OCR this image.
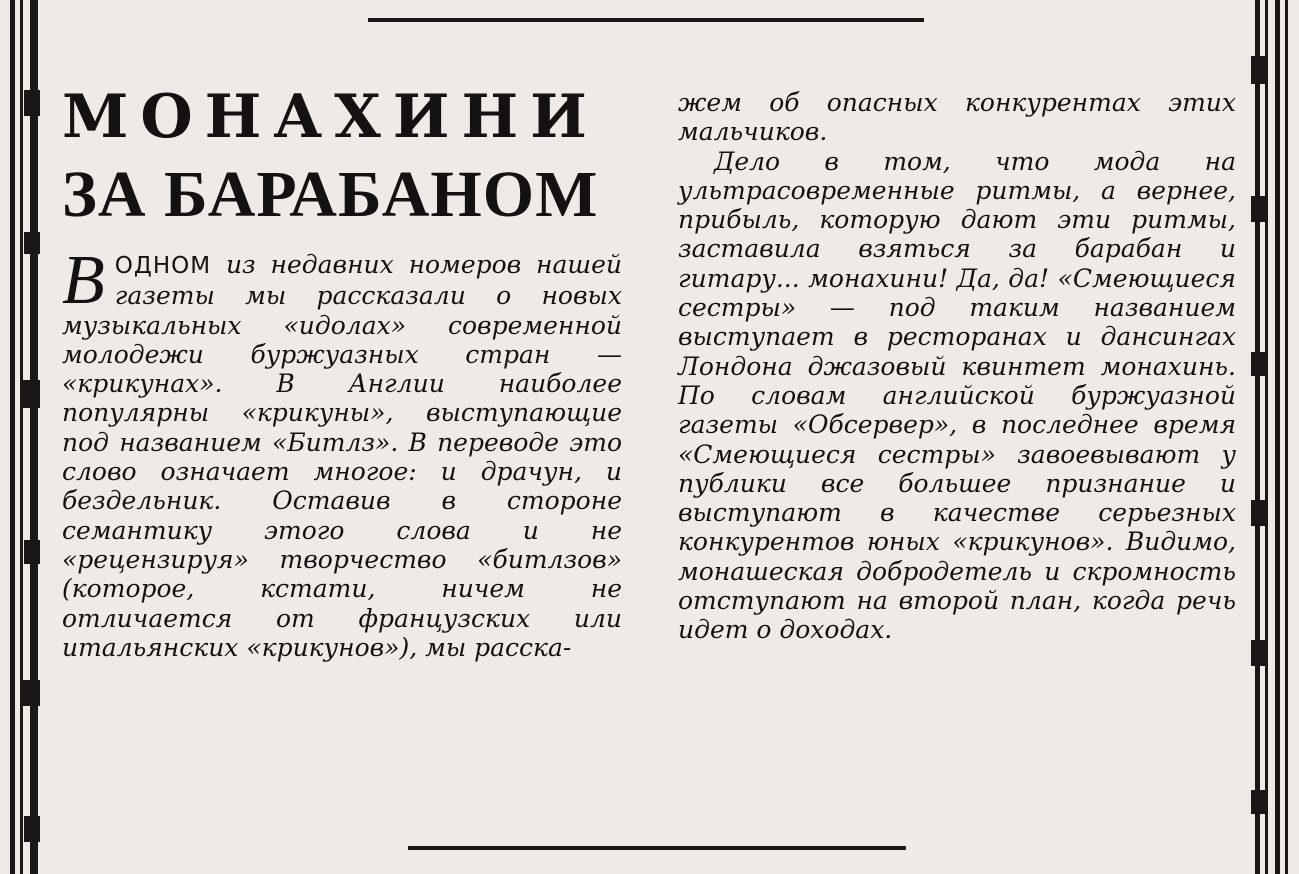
МОНАХИНИ

ЗА БАРАБАНОМ

ВОДНОМ из недавних номеров нашей газеты мы рассказали о новых музыкальных «идолах» современной молодежи буржуазных стран — «крикунах». В Англии наиболее популярны «крикуны», выступающие под названием «Битлз». В переводе это слово означает многое: и драчун, и бездельник. Оставив в стороне семантику этого слова и не «рецензируя» творчество «битлзов» (которое, кстати, ничем не отличается от французских или итальянских «крикунов»), мы расска-

жем об опасных конкурентах этих мальчиков.

Дело в том, что мода на ультрасовременные ритмы, а вернее, прибыль, которую дают эти ритмы, заставила взяться за барабан и гитару... монахини! Да, да! «Смеющиеся сестры» — под таким названием выступает в ресторанах и дансингах Лондона джазовый квинтет монахинь. По словам английской буржуазной газеты «Обсервер», в последнее время «Смеющиеся сестры» завоевывают у публики все большее признание и выступают в качестве серьезных конкурентов юных «крикунов». Видимо, монашеская добродетель и скромность отступают на второй план, когда речь идет о доходах.
